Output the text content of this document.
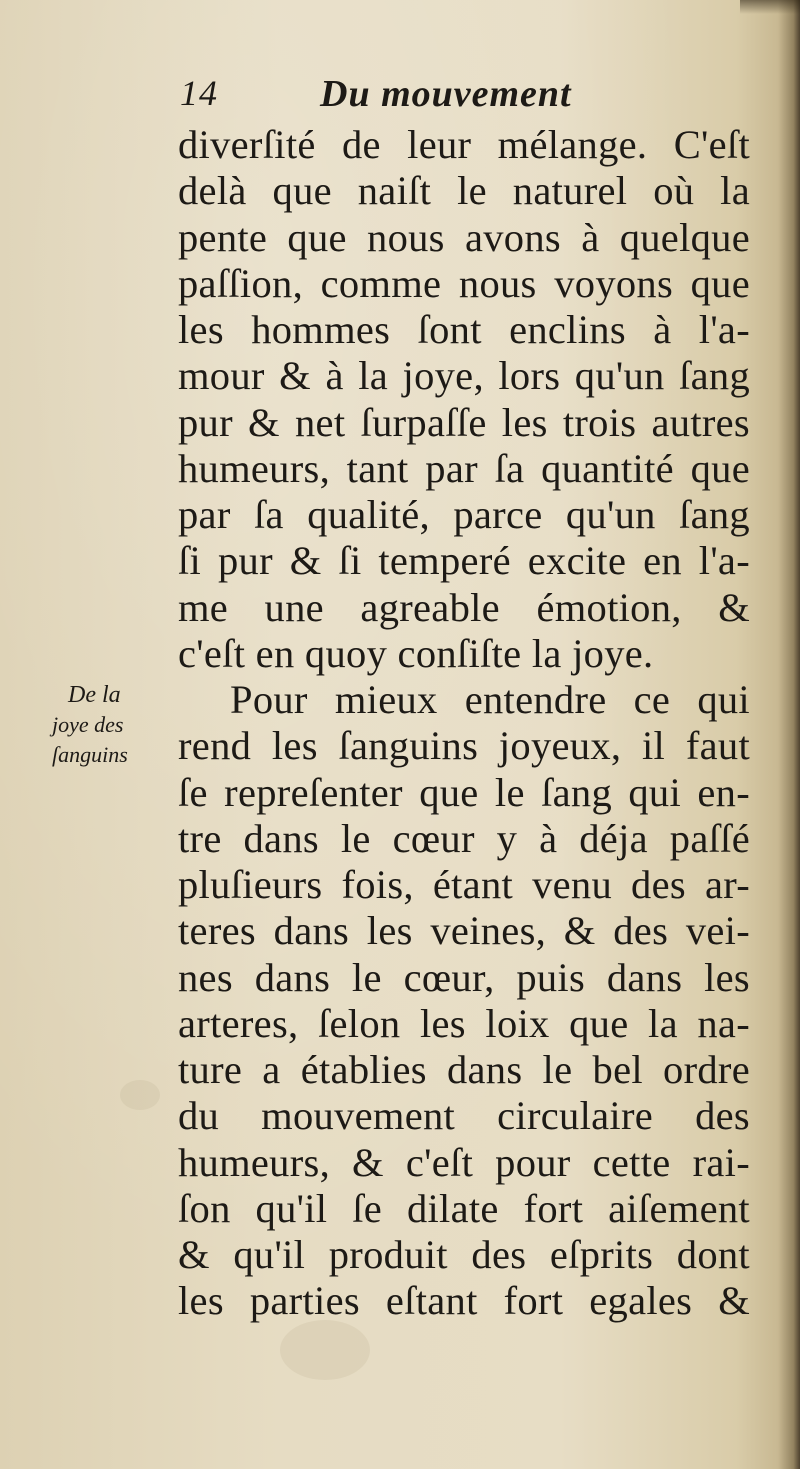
14	Du mouvement
De la
joye des
ſanguins
diverſité de leur mélange. C'eſt
delà que naiſt le naturel où la
pente que nous avons à quelque
paſſion, comme nous voyons que
les hommes ſont enclins à l'a-
mour & à la joye, lors qu'un ſang
pur & net ſurpaſſe les trois autres
humeurs, tant par ſa quantité que
par ſa qualité, parce qu'un ſang
ſi pur & ſi temperé excite en l'a-
me une agreable émotion, &
c'eſt en quoy conſiſte la joye.
Pour mieux entendre ce qui
rend les ſanguins joyeux, il faut
ſe repreſenter que le ſang qui en-
tre dans le cœur y à déja paſſé
pluſieurs fois, étant venu des ar-
teres dans les veines, & des vei-
nes dans le cœur, puis dans les
arteres, ſelon les loix que la na-
ture a établies dans le bel ordre
du mouvement circulaire des
humeurs, & c'eſt pour cette rai-
ſon qu'il ſe dilate fort aiſement
& qu'il produit des eſprits dont
les parties eſtant fort egales &
